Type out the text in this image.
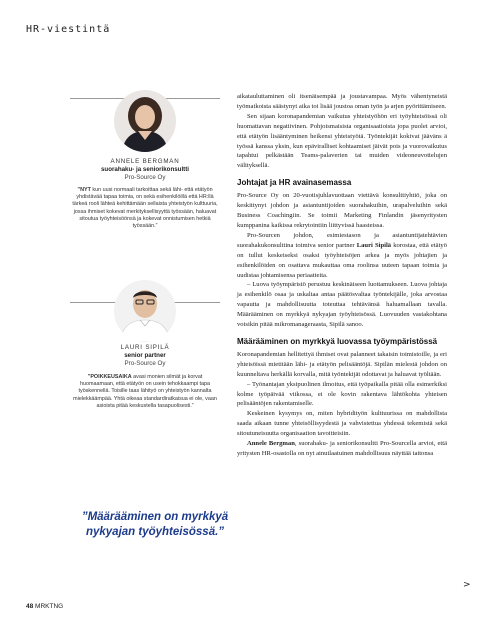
HR-viestintä
ANNELE BERGMAN
suorahaku- ja seniorikonsultti
Pro-Source Oy
”NYT kun uusi normaali tarkoittaa sekä lähi- että etätyön yhdistävää tapaa toimia, on sekä esihenkilöillä että HR:llä tärkeä rooli lähteä kehittämään sellaista yhteistyön kulttuuria, jossa ihmiset kokevat merkityksellisyyttä työssään, haluavat sitoutua työyhteisöönsä ja kokevat onnistumisen hetkiä työssään.”
LAURI SIPILÄ
senior partner
Pro-Source Oy
”POIKKEUSAIKA avasi monien silmät ja korvat huomaamaan, että etätyön on usein tehokkaampi tapa työskennellä. Toisille taas lähityö on yhteistyön kannalta mielekkäämpää. Yhtä oikeaa standardiratkaisua ei ole, vaan asioista pitää keskustella tasapuolisesti.”
”Määrääminen on myrkkyä nykyajan työyhteisössä.”

aikatauluttaminen oli itsenäisempää ja joustavampaa. Myös vähentyneistä työmatkoista säästynyt aika toi lisää joustoa oman työn ja arjen pyörittämiseen.

Sen sijaan koronapandemian vaikutus yhteistyöhön eri työyhteisöissä oli huomattavan negatiivinen. Pohjoismaisista organisaatioista jopa puolet arvioi, että etätyön lisääntyminen heikensi yhteistyötä. Työntekijät kokivat jääväns ä työssä kanssa yksin, kun epäviralliset kohtaamiset jäivät pois ja vuorovaikutus tapahtui pelkästään Teams-palaverien tai muiden videoneuvottelujen välityksellä.

Johtajat ja HR avainasemassa

Pro-Source Oy on 20-vuotisjuhlavuottaan viettävä konsulttiyhtiö, joka on keskittynyt johdon ja asiantuntijoiden suorahakuihin, urapalveluihin sekä Business Coachingiin. Se toimii Marketing Finlandin jäsenyritysten kumppanina kaikissa rekrytointiin liittyvissä haasteissa.

Pro-Sourcen johdon, esimiestason ja asiantuntijatehtävien suorahakukonsulttina toimiva senior partner Lauri Sipilä korostaa, että etätyö on tullut keskeiseksi osaksi työyhteisöjen arkea ja myös johtajien ja esihenkilöiden on osattava mukauttaa oma roolinsa uuteen tapaan toimia ja uudistaa johtamisensa periaatteita.

– Luova työympäristö perustuu keskinäiseen luottamukseen. Luova johtaja ja esihenkilö osaa ja uskaltaa antaa päätösvaltaa työntekijälle, joka arvostaa vapautta ja mahdollisuutta toteuttaa tehtävänsä haluamallaan tavalla. Määrääminen on myrkkyä nykyajan työyhteisössä. Luovuuden vastakohtana voisikin pitää mikromanageraasta, Sipilä sanoo.

Määrääminen on myrkkyä luovassa työympäristössä

Koronapandemian hellitettyä ihmiset ovat palanneet takaisin toimistoille, ja eri yhteisöissä mietitään lähi- ja etätyön pelisääntöjä. Sipilän mielestä johdon on kuunneltava herkällä korvalla, mitä työntekijät odottavat ja haluavat työltään.

– Työnantajan yksipuolinen ilmoitus, että työpaikalla pitää olla esimerkiksi kolme työpäivää viikossa, ei ole kovin rakentava lähtökohta yhteisen pelisääntöjen rakentamiselle.

Keskeinen kysymys on, miten hybridityön kulttuurissa on mahdollista saada aikaan tunne yhteisöllisyydestä ja vahvistettua yhdessä tekemistä sekä sitoutuneisuutta organisaation tavoitteisiin.

Annele Bergman, suorahaku- ja seniorikonsultti Pro-Sourcella arvioi, että yritysten HR-osastolla on nyt ainutlaatuinen mahdollisuus näyttää taitonsa

>
48 MRKTNG
